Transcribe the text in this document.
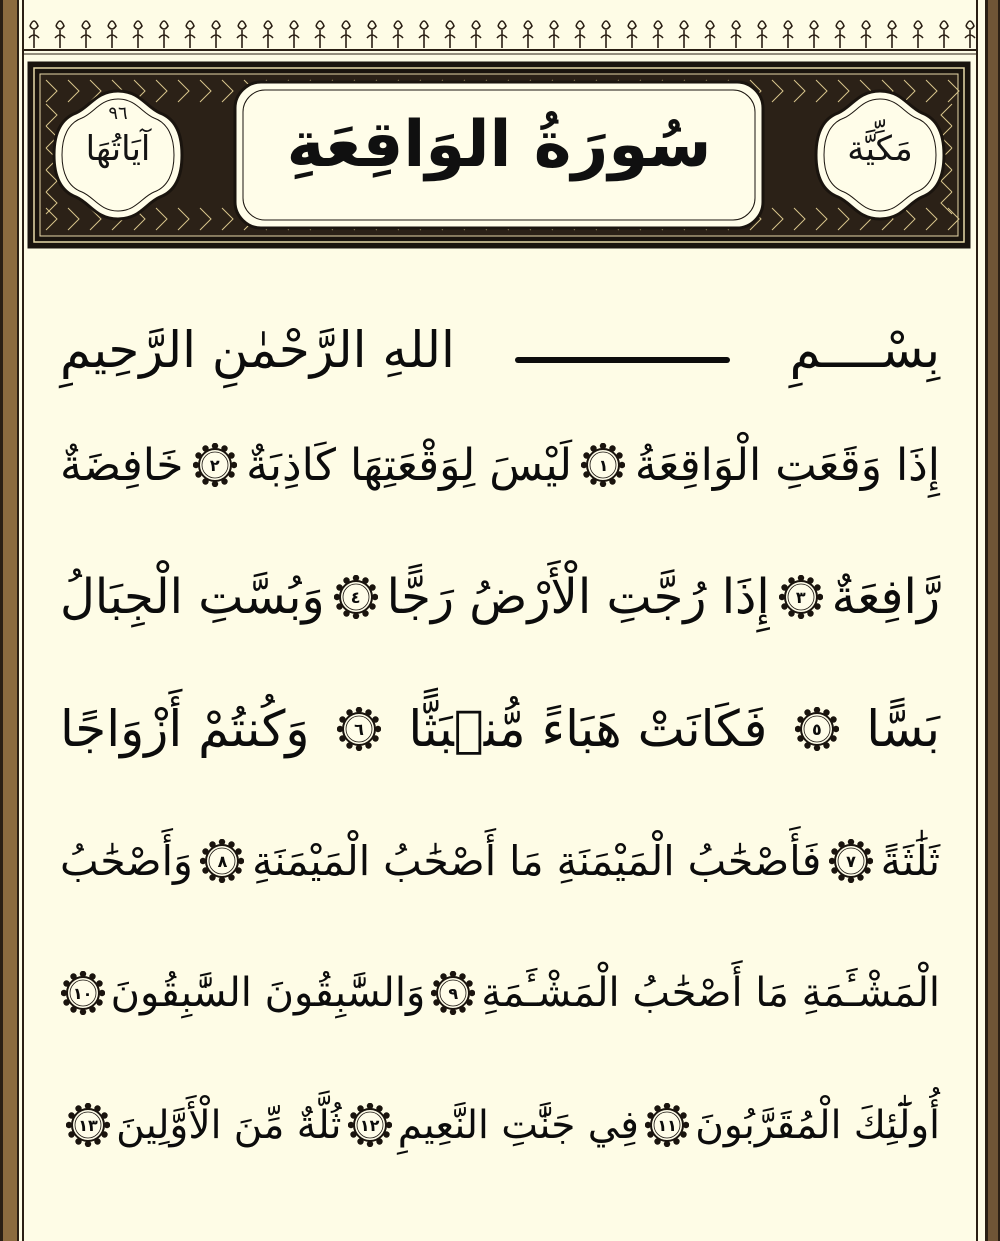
٩٦
آيَاتُهَا	سُورَةُ الوَاقِعَةِ	مَكِّيَّة
بِسْــــمِ
اللهِ الرَّحْمٰنِ الرَّحِيمِ
إِذَا وَقَعَتِ الْوَاقِعَةُ
١
لَيْسَ لِوَقْعَتِهَا كَاذِبَةٌ
٢
خَافِضَةٌ
رَّافِعَةٌ
٣
إِذَا رُجَّتِ الْأَرْضُ رَجًّا
٤
وَبُسَّتِ الْجِبَالُ
بَسًّا
٥
فَكَانَتْ هَبَاءً مُّنۢبَثًّا
٦
وَكُنتُمْ أَزْوَاجًا
ثَلَٰثَةً
٧
فَأَصْحَٰبُ الْمَيْمَنَةِ مَا أَصْحَٰبُ الْمَيْمَنَةِ
٨
وَأَصْحَٰبُ
الْمَشْـَٔمَةِ مَا أَصْحَٰبُ الْمَشْـَٔمَةِ
٩
وَالسَّٰبِقُونَ السَّٰبِقُونَ
١٠
أُولَٰٓئِكَ الْمُقَرَّبُونَ
١١
فِي جَنَّٰتِ النَّعِيمِ
١٢
ثُلَّةٌ مِّنَ الْأَوَّلِينَ
١٣
